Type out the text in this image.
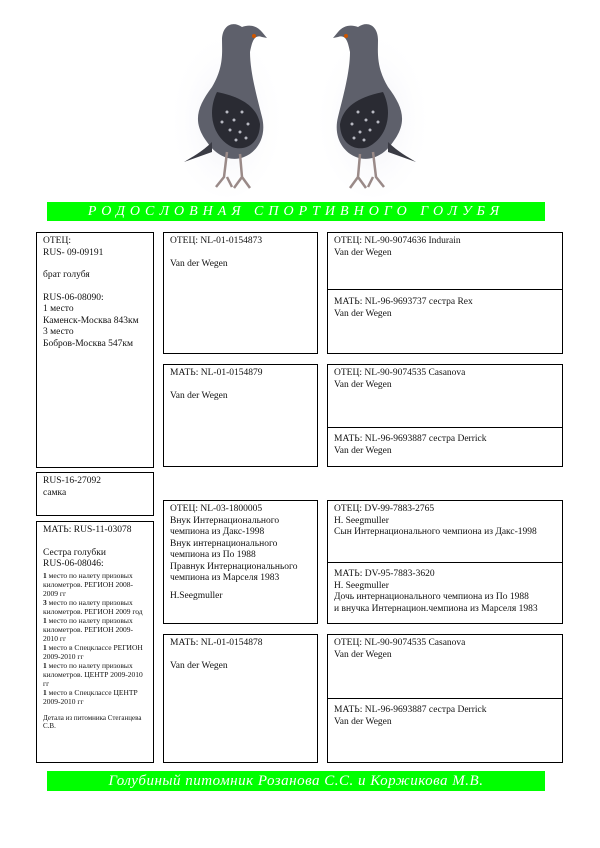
РОДОСЛОВНАЯ СПОРТИВНОГО ГОЛУБЯ

ОТЕЦ:

RUS- 09-09191

брат голубя

RUS-06-08090:

1 место

Каменск-Москва 843км

3 место

Бобров-Москва 547км

RUS-16-27092

самка

МАТЬ: RUS-11-03078

Сестра голубки

RUS-06-08046:

1 место по налету призовых километров. РЕГИОН 2008-2009 гг

3 место по налету призовых километров. РЕГИОН 2009 год

1 место по налету призовых километров. РЕГИОН 2009-2010 гг

1 место в Спецклассе РЕГИОН 2009-2010 гг

1 место по налету призовых километров. ЦЕНТР 2009-2010 гг

1 место в Спецклассе ЦЕНТР 2009-2010 гг

Детала из питомника Стеганцева С.В.

ОТЕЦ: NL-01-0154873

Van der Wegen

МАТЬ: NL-01-0154879

Van der Wegen

ОТЕЦ: NL-03-1800005

Внук Интернационального чемпиона из Дакс-1998

Внук интернационального чемпиона из По 1988

Правнук Интернациональнього чемпиона из Марселя 1983

H.Seegmuller

МАТЬ: NL-01-0154878

Van der Wegen

ОТЕЦ: NL-90-9074636 Indurain

Van der Wegen

МАТЬ: NL-96-9693737 сестра Rex

Van der Wegen

ОТЕЦ: NL-90-9074535 Casanova

Van der Wegen

МАТЬ: NL-96-9693887 сестра Derrick

Van der Wegen

ОТЕЦ: DV-99-7883-2765

H. Seegmuller

Сын Интернационального чемпиона из Дакс-1998

МАТЬ: DV-95-7883-3620

H. Seegmuller

Дочь интернационального чемпиона из По 1988

и внучка Интернацион.чемпиона из Марселя 1983

ОТЕЦ: NL-90-9074535 Casanova

Van der Wegen

МАТЬ: NL-96-9693887 сестра Derrick

Van der Wegen

Голубиный питомник Розанова С.С. и Коржикова М.В.
